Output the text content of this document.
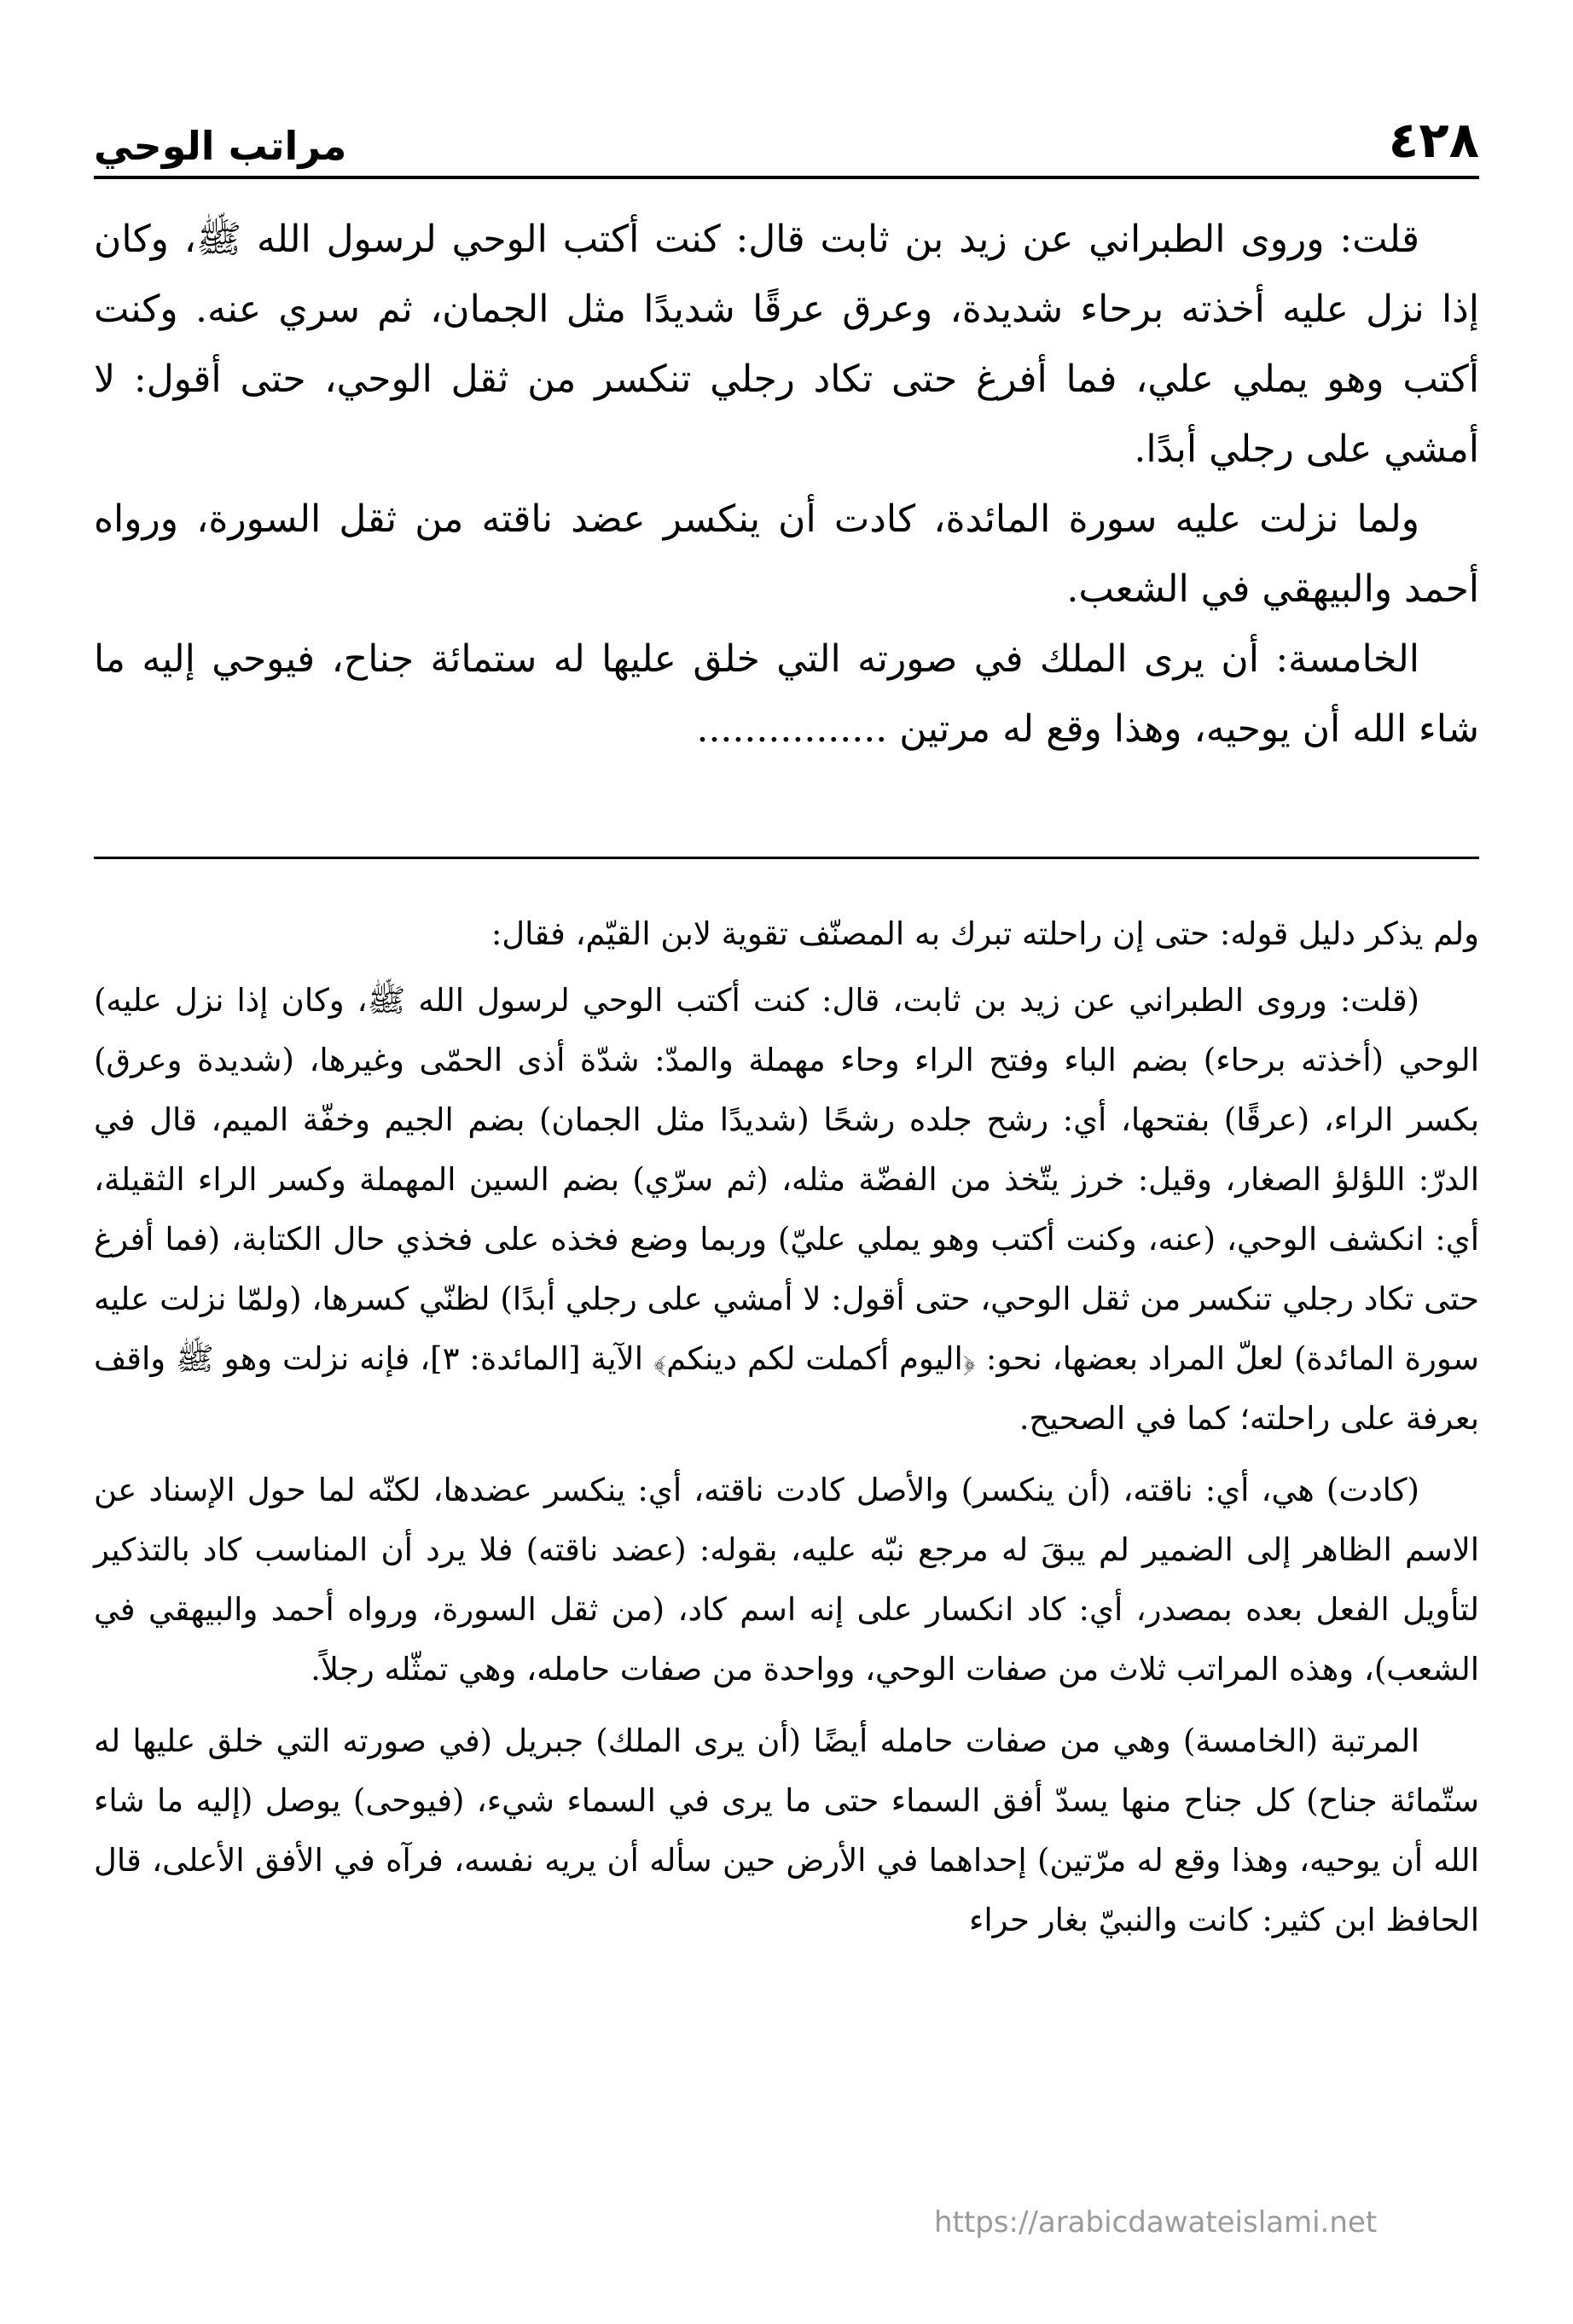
٤٢٨
مراتب الوحي

قلت: وروى الطبراني عن زيد بن ثابت قال: كنت أكتب الوحي لرسول الله ﷺ، وكان إذا نزل عليه أخذته برحاء شديدة، وعرق عرقًا شديدًا مثل الجمان، ثم سري عنه. وكنت أكتب وهو يملي علي، فما أفرغ حتى تكاد رجلي تنكسر من ثقل الوحي، حتى أقول: لا أمشي على رجلي أبدًا.

ولما نزلت عليه سورة المائدة، كادت أن ينكسر عضد ناقته من ثقل السورة، ورواه أحمد والبيهقي في الشعب.

الخامسة: أن يرى الملك في صورته التي خلق عليها له ستمائة جناح، فيوحي إليه ما شاء الله أن يوحيه، وهذا وقع له مرتين ................

ولم يذكر دليل قوله: حتى إن راحلته تبرك به المصنّف تقوية لابن القيّم، فقال:

(قلت: وروى الطبراني عن زيد بن ثابت، قال: كنت أكتب الوحي لرسول الله ﷺ، وكان إذا نزل عليه) الوحي (أخذته برحاء) بضم الباء وفتح الراء وحاء مهملة والمدّ: شدّة أذى الحمّى وغيرها، (شديدة وعرق) بكسر الراء، (عرقًا) بفتحها، أي: رشح جلده رشحًا (شديدًا مثل الجمان) بضم الجيم وخفّة الميم، قال في الدرّ: اللؤلؤ الصغار، وقيل: خرز يتّخذ من الفضّة مثله، (ثم سرّي) بضم السين المهملة وكسر الراء الثقيلة، أي: انكشف الوحي، (عنه، وكنت أكتب وهو يملي عليّ) وربما وضع فخذه على فخذي حال الكتابة، (فما أفرغ حتى تكاد رجلي تنكسر من ثقل الوحي، حتى أقول: لا أمشي على رجلي أبدًا) لظنّي كسرها، (ولمّا نزلت عليه سورة المائدة) لعلّ المراد بعضها، نحو: ﴿اليوم أكملت لكم دينكم﴾ الآية [المائدة: ٣]، فإنه نزلت وهو ﷺ واقف بعرفة على راحلته؛ كما في الصحيح.

(كادت) هي، أي: ناقته، (أن ينكسر) والأصل كادت ناقته، أي: ينكسر عضدها، لكنّه لما حول الإسناد عن الاسم الظاهر إلى الضمير لم يبقَ له مرجع نبّه عليه، بقوله: (عضد ناقته) فلا يرد أن المناسب ك‍اد بالتذكير لتأويل الفعل بعده بمصدر، أي: كاد انكسار على إنه اسم كاد، (من ثقل السورة، ورواه أحمد والبيهقي في الشعب)، وهذه المراتب ثلاث من صفات الوحي، وواحدة من صفات حامله، وهي تمثّله رجلاً.

المرتبة (الخامسة) وهي من صفات حامله أيضًا (أن يرى الملك) جبريل (في صورته التي خلق عليها له ستّمائة جناح) كل جناح منها يسدّ أفق السماء حتى ما يرى في السماء شيء، (فيوحى) يوصل (إليه ما شاء الله أن يوحيه، وهذا وقع له مرّتين) إحداهما في الأرض حين سأله أن يريه نفسه، فرآه في الأفق الأعلى، قال الحافظ ابن كثير: كانت والنبيّ بغار حراء

https://arabicdawateislami.net
